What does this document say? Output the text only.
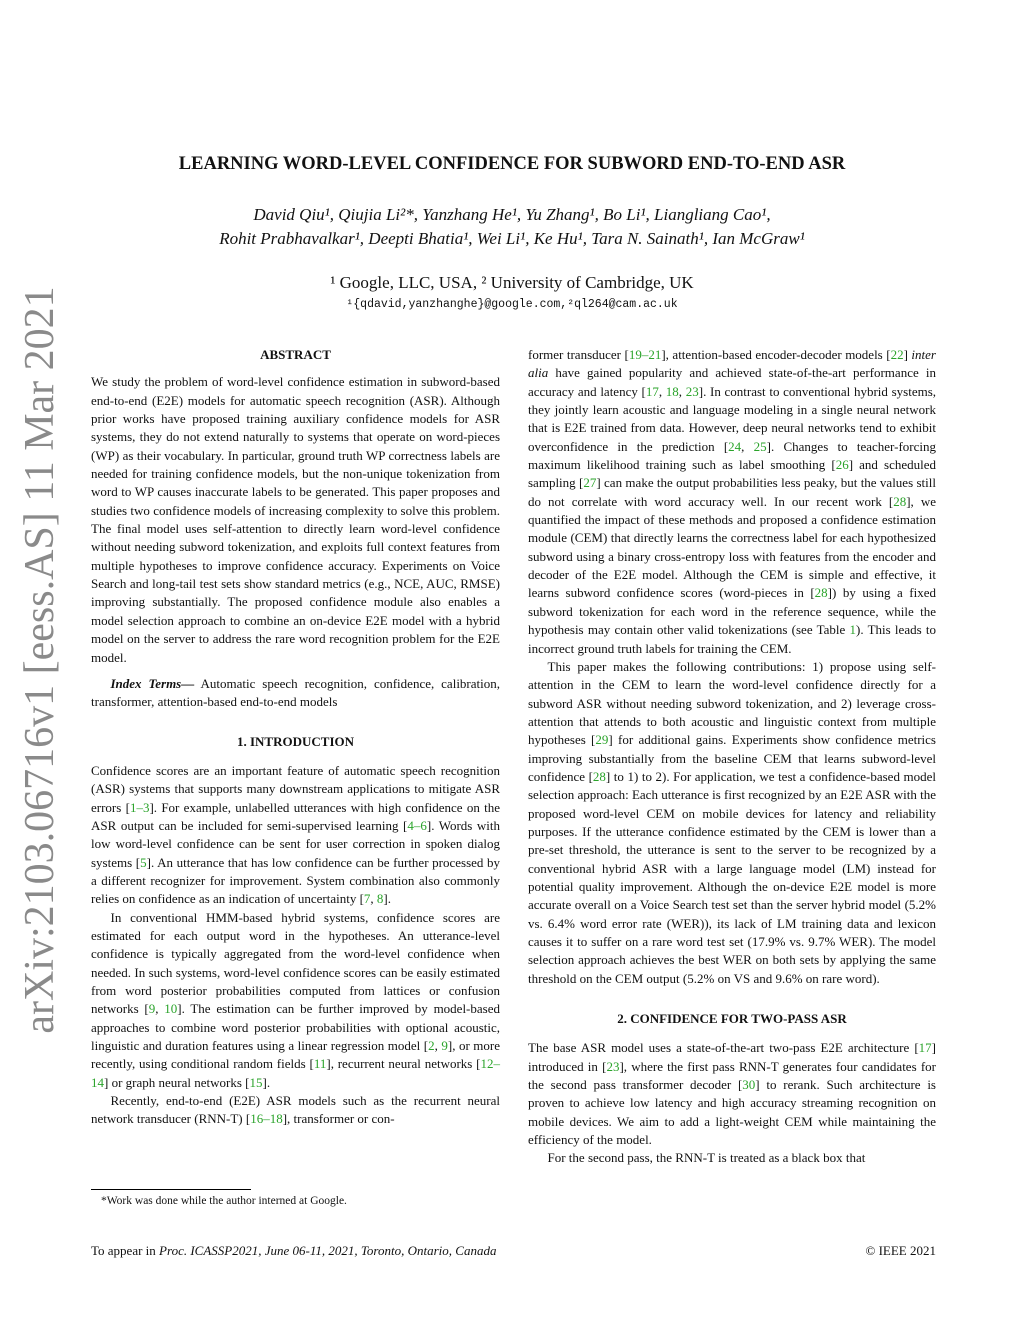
arXiv:2103.06716v1 [eess.AS] 11 Mar 2021
LEARNING WORD-LEVEL CONFIDENCE FOR SUBWORD END-TO-END ASR
David Qiu¹, Qiujia Li²*, Yanzhang He¹, Yu Zhang¹, Bo Li¹, Liangliang Cao¹,
Rohit Prabhavalkar¹, Deepti Bhatia¹, Wei Li¹, Ke Hu¹, Tara N. Sainath¹, Ian McGraw¹
¹ Google, LLC, USA, ² University of Cambridge, UK
¹{qdavid,yanzhanghe}@google.com,²ql264@cam.ac.uk

ABSTRACT

We study the problem of word-level confidence estimation in subword-based end-to-end (E2E) models for automatic speech recognition (ASR). Although prior works have proposed training auxiliary confidence models for ASR systems, they do not extend naturally to systems that operate on word-pieces (WP) as their vocabulary. In particular, ground truth WP correctness labels are needed for training confidence models, but the non-unique tokenization from word to WP causes inaccurate labels to be generated. This paper proposes and studies two confidence models of increasing complexity to solve this problem. The final model uses self-attention to directly learn word-level confidence without needing subword tokenization, and exploits full context features from multiple hypotheses to improve confidence accuracy. Experiments on Voice Search and long-tail test sets show standard metrics (e.g., NCE, AUC, RMSE) improving substantially. The proposed confidence module also enables a model selection approach to combine an on-device E2E model with a hybrid model on the server to address the rare word recognition problem for the E2E model.

Index Terms— Automatic speech recognition, confidence, calibration, transformer, attention-based end-to-end models

1. INTRODUCTION

Confidence scores are an important feature of automatic speech recognition (ASR) systems that supports many downstream applications to mitigate ASR errors [1–3]. For example, unlabelled utterances with high confidence on the ASR output can be included for semi-supervised learning [4–6]. Words with low word-level confidence can be sent for user correction in spoken dialog systems [5]. An utterance that has low confidence can be further processed by a different recognizer for improvement. System combination also commonly relies on confidence as an indication of uncertainty [7, 8].

In conventional HMM-based hybrid systems, confidence scores are estimated for each output word in the hypotheses. An utterance-level confidence is typically aggregated from the word-level confidence when needed. In such systems, word-level confidence scores can be easily estimated from word posterior probabilities computed from lattices or confusion networks [9, 10]. The estimation can be further improved by model-based approaches to combine word posterior probabilities with optional acoustic, linguistic and duration features using a linear regression model [2, 9], or more recently, using conditional random fields [11], recurrent neural networks [12–14] or graph neural networks [15].

Recently, end-to-end (E2E) ASR models such as the recurrent neural network transducer (RNN-T) [16–18], transformer or con-

former transducer [19–21], attention-based encoder-decoder models [22] inter alia have gained popularity and achieved state-of-the-art performance in accuracy and latency [17, 18, 23]. In contrast to conventional hybrid systems, they jointly learn acoustic and language modeling in a single neural network that is E2E trained from data. However, deep neural networks tend to exhibit overconfidence in the prediction [24, 25]. Changes to teacher-forcing maximum likelihood training such as label smoothing [26] and scheduled sampling [27] can make the output probabilities less peaky, but the values still do not correlate with word accuracy well. In our recent work [28], we quantified the impact of these methods and proposed a confidence estimation module (CEM) that directly learns the correctness label for each hypothesized subword using a binary cross-entropy loss with features from the encoder and decoder of the E2E model. Although the CEM is simple and effective, it learns subword confidence scores (word-pieces in [28]) by using a fixed subword tokenization for each word in the reference sequence, while the hypothesis may contain other valid tokenizations (see Table 1). This leads to incorrect ground truth labels for training the CEM.

This paper makes the following contributions: 1) propose using self-attention in the CEM to learn the word-level confidence directly for a subword ASR without needing subword tokenization, and 2) leverage cross-attention that attends to both acoustic and linguistic context from multiple hypotheses [29] for additional gains. Experiments show confidence metrics improving substantially from the baseline CEM that learns subword-level confidence [28] to 1) to 2). For application, we test a confidence-based model selection approach: Each utterance is first recognized by an E2E ASR with the proposed word-level CEM on mobile devices for latency and reliability purposes. If the utterance confidence estimated by the CEM is lower than a pre-set threshold, the utterance is sent to the server to be recognized by a conventional hybrid ASR with a large language model (LM) instead for potential quality improvement. Although the on-device E2E model is more accurate overall on a Voice Search test set than the server hybrid model (5.2% vs. 6.4% word error rate (WER)), its lack of LM training data and lexicon causes it to suffer on a rare word test set (17.9% vs. 9.7% WER). The model selection approach achieves the best WER on both sets by applying the same threshold on the CEM output (5.2% on VS and 9.6% on rare word).

2. CONFIDENCE FOR TWO-PASS ASR

The base ASR model uses a state-of-the-art two-pass E2E architecture [17] introduced in [23], where the first pass RNN-T generates four candidates for the second pass transformer decoder [30] to rerank. Such architecture is proven to achieve low latency and high accuracy streaming recognition on mobile devices. We aim to add a light-weight CEM while maintaining the efficiency of the model.

For the second pass, the RNN-T is treated as a black box that

*Work was done while the author interned at Google.
To appear in Proc. ICASSP2021, June 06-11, 2021, Toronto, Ontario, Canada	© IEEE 2021
